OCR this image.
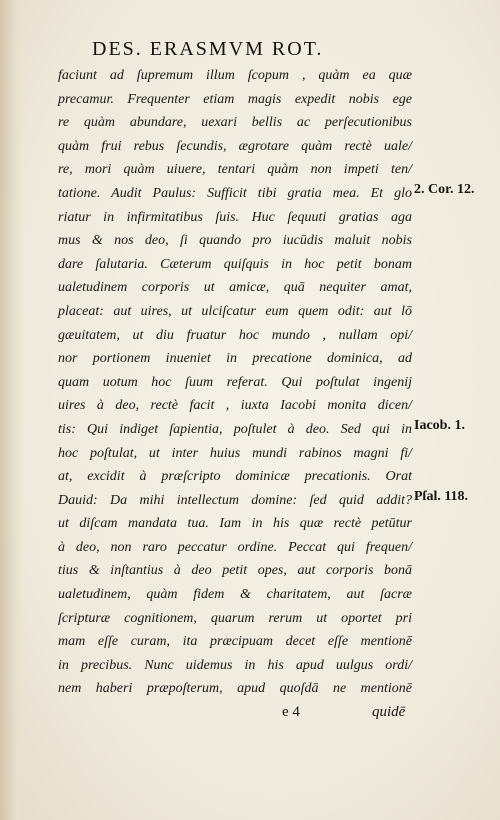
DES. ERASMVM ROT.
faciunt ad ſupremum illum ſcopum , quàm ea quæ
precamur. Frequenter etiam magis expedit nobis ege
re quàm abundare, uexari bellis ac perſecutionibus
quàm frui rebus ſecundis, ægrotare quàm rectè uale/
re, mori quàm uiuere, tentari quàm non impeti ten/
tatione. Audit Paulus: Sufficit tibi gratia mea. Et glo
riatur in infirmitatibus ſuis. Huc ſequuti gratias aga
mus & nos deo, ſi quando pro iucūdis maluit nobis
dare ſalutaria. Cæterum quiſquis in hoc petit bonam
ualetudinem corporis ut amicæ, quā nequiter amat,
placeat: aut uires, ut ulciſcatur eum quem odit: aut lō
gæuitatem, ut diu fruatur hoc mundo , nullam opi/
nor portionem inueniet in precatione dominica, ad
quam uotum hoc ſuum referat. Qui poſtulat ingenij
uires à deo, rectè facit , iuxta Iacobi monita dicen/
tis: Qui indiget ſapientia, poſtulet à deo. Sed qui in
hoc poſtulat, ut inter huius mundi rabinos magni fi/
at, excidit à præſcripto dominicæ precationis. Orat
Dauid: Da mihi intellectum domine: ſed quid addit?
ut diſcam mandata tua. Iam in his quæ rectè petūtur
à deo, non raro peccatur ordine. Peccat qui frequen/
tius & inſtantius à deo petit opes, aut corporis bonā
ualetudinem, quàm fidem & charitatem, aut ſacræ
ſcripturæ cognitionem, quarum rerum ut oportet pri
mam eſſe curam, ita præcipuam decet eſſe mentionē
in precibus. Nunc uidemus in his apud uulgus ordi/
nem haberi præpoſterum, apud quoſdā ne mentionē
2. Cor. 12.
Iacob. 1.
Pſal. 118.
e 4	quidē
